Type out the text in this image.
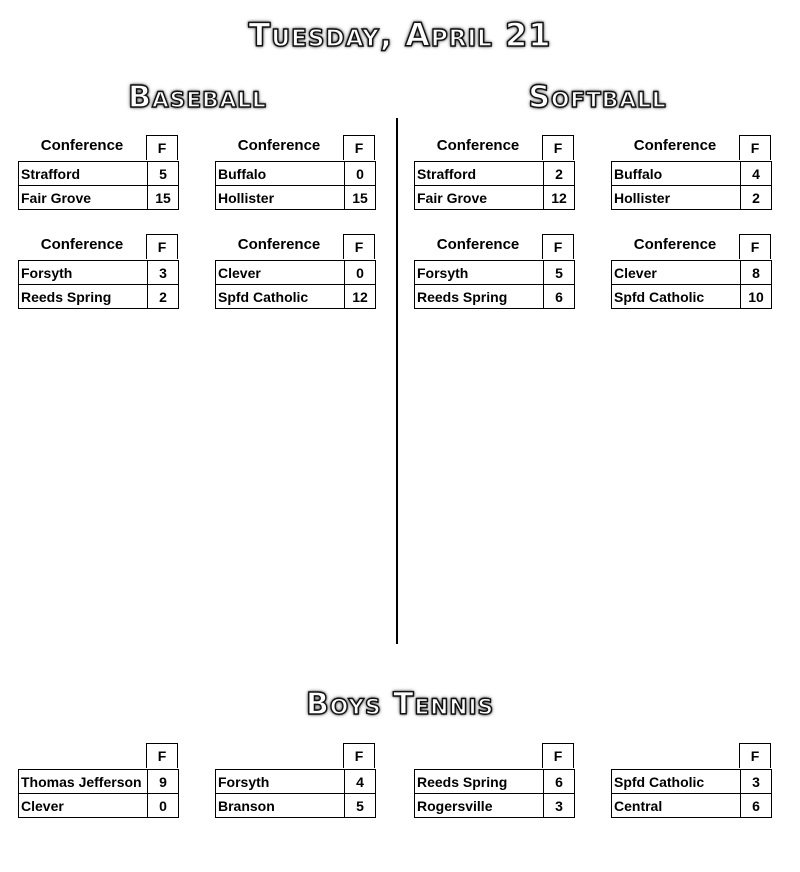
TUESDAY, APRIL 21
BASEBALL	SOFTBALL
BOYS TENNIS
Conference	F
Strafford	5
Fair Grove	15
Conference	F
Buffalo	0
Hollister	15
Conference	F
Forsyth	3
Reeds Spring	2
Conference	F
Clever	0
Spfd Catholic	12
Conference	F
Strafford	2
Fair Grove	12
Conference	F
Buffalo	4
Hollister	2
Conference	F
Forsyth	5
Reeds Spring	6
Conference	F
Clever	8
Spfd Catholic	10
F
Thomas Jefferson	9
Clever	0
F
Forsyth	4
Branson	5
F
Reeds Spring	6
Rogersville	3
F
Spfd Catholic	3
Central	6
